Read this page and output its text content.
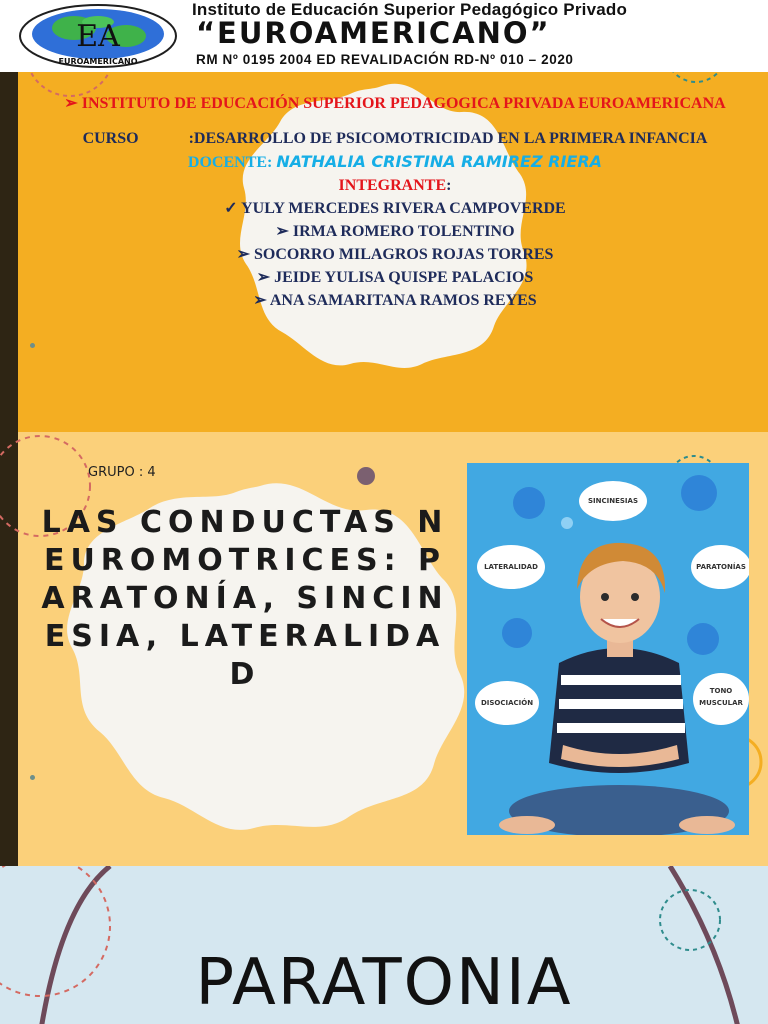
EUROAMERICANO
EA
Instituto de Educación Superior Pedagógico Privado
“EUROAMERICANO”
RM Nº 0195 2004 ED REVALIDACIÓN RD-Nº 010 – 2020
➢ INSTITUTO DE EDUCACIÓN SUPERIOR PEDAGOGICA PRIVADA EUROAMERICANA
CURSO	:DESARROLLO DE PSICOMOTRICIDAD EN LA PRIMERA INFANCIA
DOCENTE: NATHALIA CRISTINA RAMIREZ RIERA
INTEGRANTE:
✓ YULY MERCEDES RIVERA CAMPOVERDE
➢ IRMA ROMERO TOLENTINO
➢ SOCORRO MILAGROS ROJAS TORRES
➢ JEIDE YULISA QUISPE PALACIOS
➢ ANA SAMARITANA RAMOS REYES
GRUPO : 4
LAS CONDUCTAS NEUROMOTRICES: PARATONÍA, SINCINESIA, LATERALIDAD
SINCINESIAS
LATERALIDAD	PARATONÍAS
DISOCIACIÓN
TONO
MUSCULAR
PARATONIA
